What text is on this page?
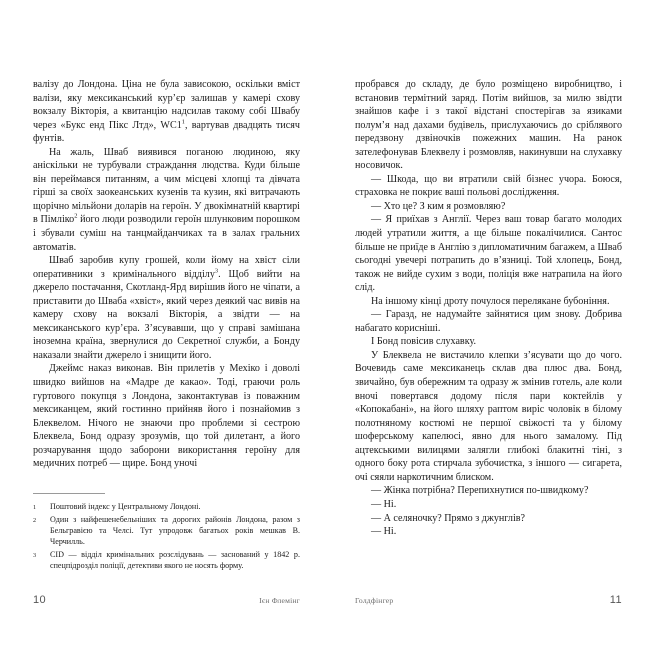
валізу до Лондона. Ціна не була зависокою, оскільки вміст валізи, яку мексиканський кур’єр залишав у камері схову вокзалу Вікторія, а квитанцію надсилав такому собі Швабу через «Букс енд Пікс Лтд», WC1$^1$, вартував двадцять тисяч фунтів.

На жаль, Шваб виявився поганою людиною, яку аніскільки не турбували страждання людства. Куди більше він переймався питанням, а чим місцеві хлопці та дівчата гірші за своїх заокеанських кузенів та кузин, які витрачають щорічно мільйони доларів на героїн. У двокімнатній квартирі в Пімліко$^2$ його люди розводили героїн шлунковим порошком і збували суміш на танцмайданчиках та в залах гральних автоматів.

Шваб заробив купу грошей, коли йому на хвіст сіли оперативники з кримінального відділу$^3$. Щоб вийти на джерело постачання, Скотланд-Ярд вирішив його не чіпати, а приставити до Шваба «хвіст», який через деякий час вивів на камеру схову на вокзалі Вікторія, а звідти — на мексиканського кур’єра. З’ясувавши, що у справі замішана іноземна країна, звернулися до Секретної служби, а Бонду наказали знайти джерело і знищити його.

Джеймс наказ виконав. Він прилетів у Мехіко і доволі швидко вийшов на «Мадре де какао». Тоді, граючи роль гуртового покупця з Лондона, законтактував із поважним мексиканцем, який гостинно прийняв його і познайомив з Блеквелом. Нічого не знаючи про проблеми зі сестрою Блеквела, Бонд одразу зрозумів, що той дилетант, а його розчарування щодо заборони використання героїну для медичних потреб — щире. Бонд уночі

1	Поштовий індекс у Центральному Лондоні.
2	Один з найфешенебельніших та дорогих районів Лондона, разом з Бельгравією та Челсі. Тут упродовж багатьох років мешкав В. Черчилль.
3	CID — відділ кримінальних розслідувань — заснований у 1842 р. спецпідрозділ поліції, детективи якого не носять форму.
10	Ієн Флемінг

пробрався до складу, де було розміщено виробництво, і встановив термітний заряд. Потім вийшов, за милю звідти знайшов кафе і з такої відстані спостерігав за язиками полум’я над дахами будівель, прислухаючись до сріблявого передзвону дзвіночків пожежних машин. На ранок зателефонував Блеквелу і розмовляв, накинувши на слухавку носовичок.

— Шкода, що ви втратили свій бізнес учора. Боюся, страховка не покриє ваші польові дослідження.

— Хто це? З ким я розмовляю?

— Я приїхав з Англії. Через ваш товар багато молодих людей утратили життя, а ще більше покалічилися. Сантос більше не приїде в Англію з дипломатичним багажем, а Шваб сьогодні увечері потрапить до в’язниці. Той хлопець, Бонд, також не вийде сухим з води, поліція вже натрапила на його слід.

На іншому кінці дроту почулося перелякане бубоніння.

— Гаразд, не надумайте зайнятися цим знову. Добрива набагато корисніші.

І Бонд повісив слухавку.

У Блеквела не вистачило клепки з’ясувати що до чого. Вочевидь саме мексиканець склав два плюс два. Бонд, звичайно, був обережним та одразу ж змінив готель, але коли вночі повертався додому після пари коктейлів у «Копокабані», на його шляху раптом виріс чоловік в білому полотняному костюмі не першої свіжості та у білому шоферському капелюсі, явно для нього замалому. Під ацтекськими вилицями залягли глибокі блакитні тіні, з одного боку рота стирчала зубочистка, з іншого — сигарета, очі сяяли наркотичним блиском.

— Жінка потрібна? Перепихнутися по-швидкому?

— Ні.

— А селяночку? Прямо з джунглів?

— Ні.

Голдфінгер	11
